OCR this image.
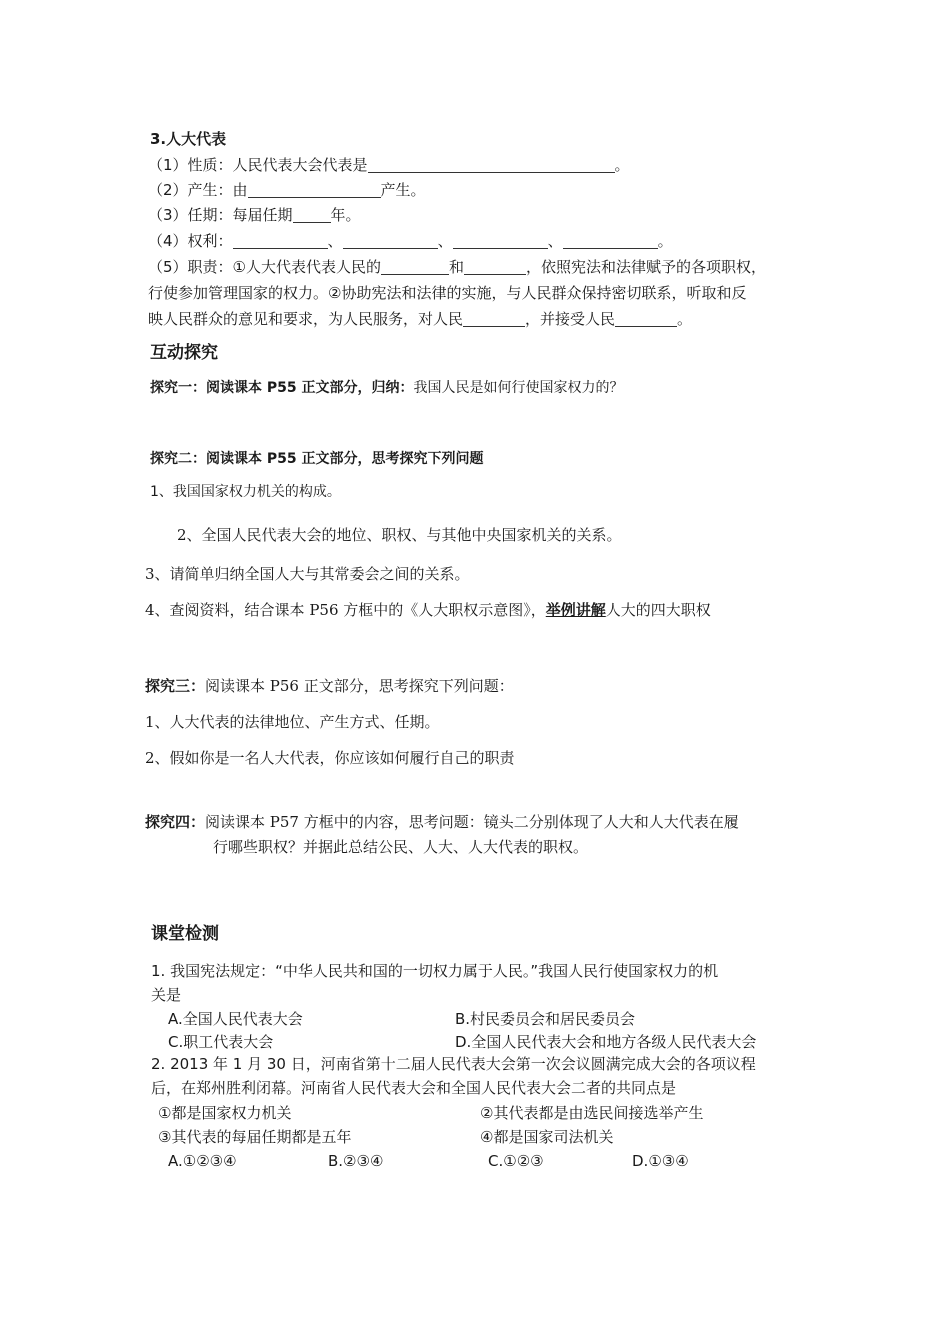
3.人大代表
（1）性质：人民代表大会代表是	。
（2）产生：由	产生。
（3）任期：每届任期	年。
（4）权利：	、	、	、	。
（5）职责：①人大代表代表人民的	和	，依照宪法和法律赋予的各项职权，
行使参加管理国家的权力。②协助宪法和法律的实施，与人民群众保持密切联系，听取和反
映人民群众的意见和要求，为人民服务，对人民	，并接受人民	。
互动探究
探究一：阅读课本 P55 正文部分，归纳：我国人民是如何行使国家权力的？
探究二：阅读课本 P55 正文部分，思考探究下列问题
1、我国国家权力机关的构成。
2、全国人民代表大会的地位、职权、与其他中央国家机关的关系。
3、请简单归纳全国人大与其常委会之间的关系。
4、查阅资料，结合课本 P56 方框中的《人大职权示意图》，举例讲解人大的四大职权
探究三：阅读课本 P56 正文部分，思考探究下列问题：
1、人大代表的法律地位、产生方式、任期。
2、假如你是一名人大代表，你应该如何履行自己的职责
探究四：阅读课本 P57 方框中的内容，思考问题：镜头二分别体现了人大和人大代表在履
行哪些职权？并据此总结公民、人大、人大代表的职权。
课堂检测
1. 我国宪法规定：“中华人民共和国的一切权力属于人民。”我国人民行使国家权力的机
关是
A.全国人民代表大会	B.村民委员会和居民委员会
C.职工代表大会	D.全国人民代表大会和地方各级人民代表大会
2. 2013 年 1 月 30 日，河南省第十二届人民代表大会第一次会议圆满完成大会的各项议程
后，在郑州胜利闭幕。河南省人民代表大会和全国人民代表大会二者的共同点是
①都是国家权力机关	②其代表都是由选民间接选举产生
③其代表的每届任期都是五年	④都是国家司法机关
A.①②③④	B.②③④	C.①②③	D.①③④
